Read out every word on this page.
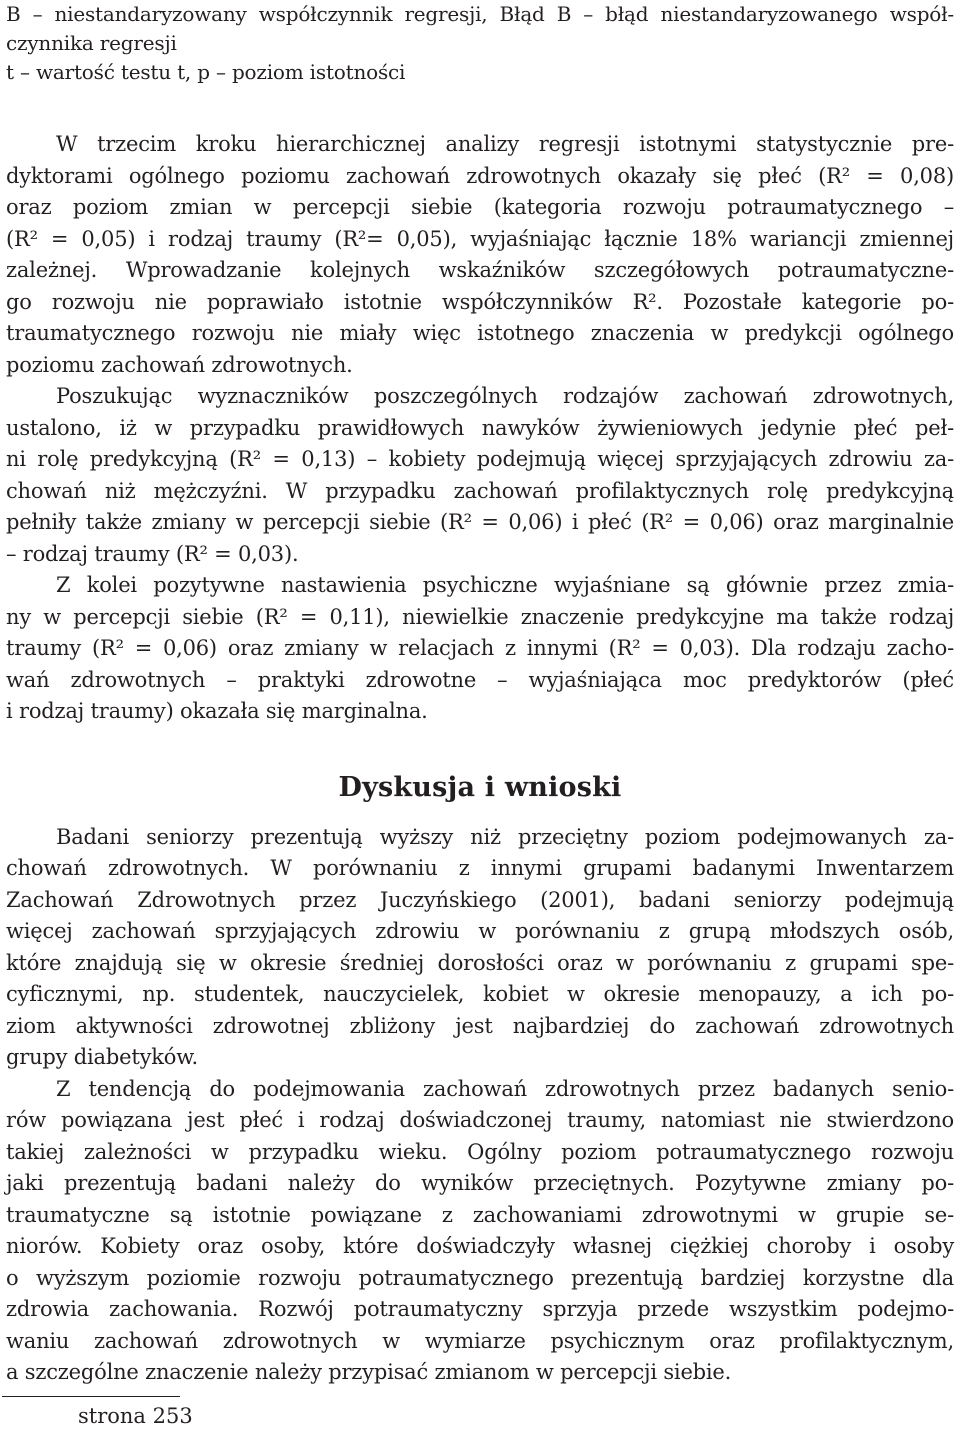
B – niestandaryzowany współczynnik regresji, Błąd B – błąd niestandaryzowanego współ-
czynnika regresji
t – wartość testu t, p – poziom istotności
W trzecim kroku hierarchicznej analizy regresji istotnymi statystycznie pre-
dyktorami ogólnego poziomu zachowań zdrowotnych okazały się płeć (R² = 0,08)
oraz poziom zmian w percepcji siebie (kategoria rozwoju potraumatycznego –
(R² = 0,05) i rodzaj traumy (R²= 0,05), wyjaśniając łącznie 18% wariancji zmiennej
zależnej. Wprowadzanie kolejnych wskaźników szczegółowych potraumatyczne-
go rozwoju nie poprawiało istotnie współczynników R². Pozostałe kategorie po-
traumatycznego rozwoju nie miały więc istotnego znaczenia w predykcji ogólnego
poziomu zachowań zdrowotnych.
Poszukując wyznaczników poszczególnych rodzajów zachowań zdrowotnych,
ustalono, iż w przypadku prawidłowych nawyków żywieniowych jedynie płeć peł-
ni rolę predykcyjną (R² = 0,13) – kobiety podejmują więcej sprzyjających zdrowiu za-
chowań niż mężczyźni. W przypadku zachowań profilaktycznych rolę predykcyjną
pełniły także zmiany w percepcji siebie (R² = 0,06) i płeć (R² = 0,06) oraz marginalnie
– rodzaj traumy (R² = 0,03).
Z kolei pozytywne nastawienia psychiczne wyjaśniane są głównie przez zmia-
ny w percepcji siebie (R² = 0,11), niewielkie znaczenie predykcyjne ma także rodzaj
traumy (R² = 0,06) oraz zmiany w relacjach z innymi (R² = 0,03). Dla rodzaju zacho-
wań zdrowotnych – praktyki zdrowotne – wyjaśniająca moc predyktorów (płeć
i rodzaj traumy) okazała się marginalna.
Dyskusja i wnioski
Badani seniorzy prezentują wyższy niż przeciętny poziom podejmowanych za-
chowań zdrowotnych. W porównaniu z innymi grupami badanymi Inwentarzem
Zachowań Zdrowotnych przez Juczyńskiego (2001), badani seniorzy podejmują
więcej zachowań sprzyjających zdrowiu w porównaniu z grupą młodszych osób,
które znajdują się w okresie średniej dorosłości oraz w porównaniu z grupami spe-
cyficznymi, np. studentek, nauczycielek, kobiet w okresie menopauzy, a ich po-
ziom aktywności zdrowotnej zbliżony jest najbardziej do zachowań zdrowotnych
grupy diabetyków.
Z tendencją do podejmowania zachowań zdrowotnych przez badanych senio-
rów powiązana jest płeć i rodzaj doświadczonej traumy, natomiast nie stwierdzono
takiej zależności w przypadku wieku. Ogólny poziom potraumatycznego rozwoju
jaki prezentują badani należy do wyników przeciętnych. Pozytywne zmiany po-
traumatyczne są istotnie powiązane z zachowaniami zdrowotnymi w grupie se-
niorów. Kobiety oraz osoby, które doświadczyły własnej ciężkiej choroby i osoby
o wyższym poziomie rozwoju potraumatycznego prezentują bardziej korzystne dla
zdrowia zachowania. Rozwój potraumatyczny sprzyja przede wszystkim podejmo-
waniu zachowań zdrowotnych w wymiarze psychicznym oraz profilaktycznym,
a szczególne znaczenie należy przypisać zmianom w percepcji siebie.
strona 253
